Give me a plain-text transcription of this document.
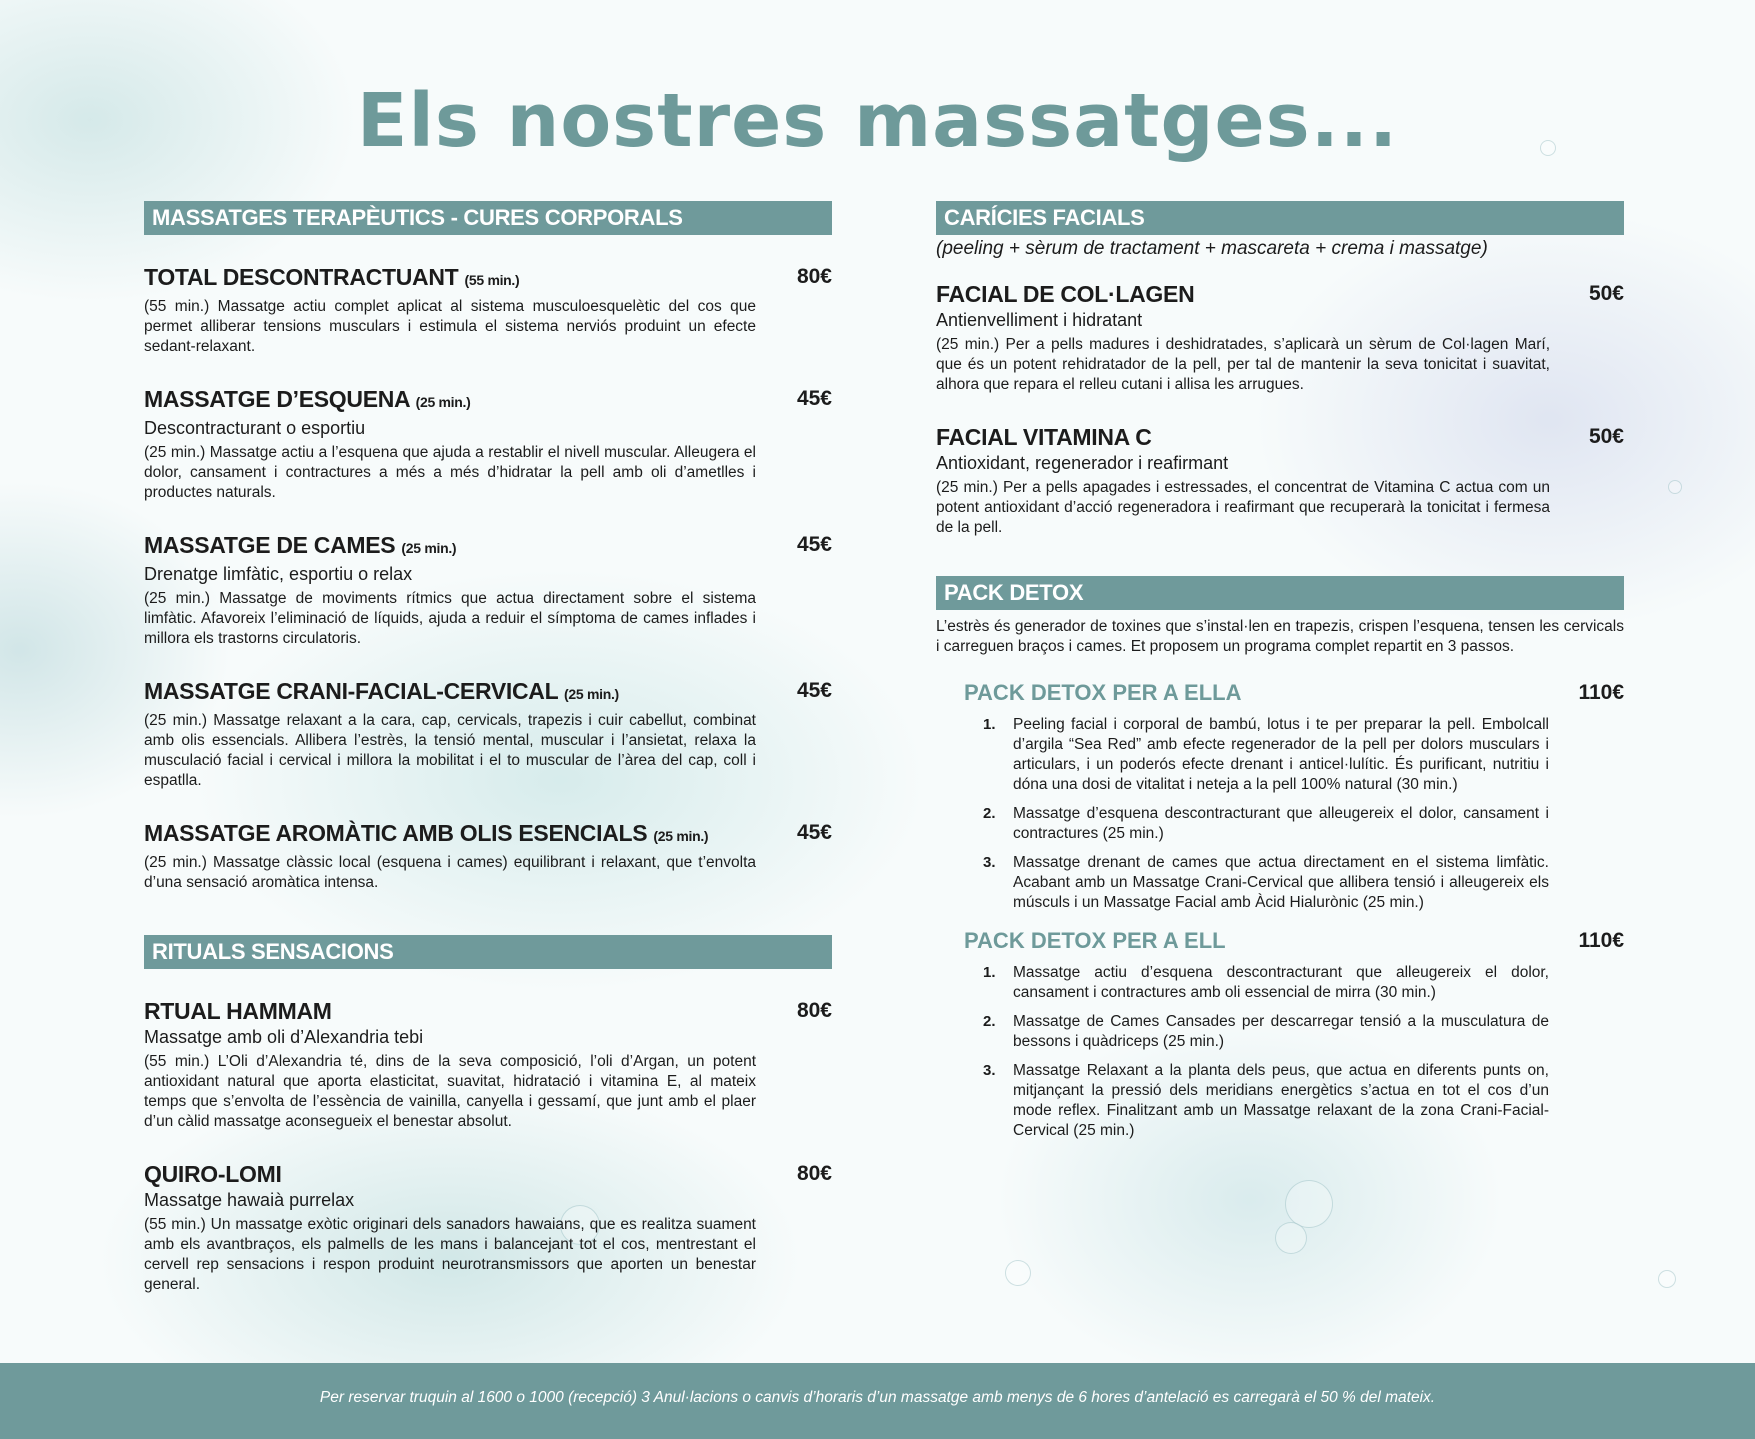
Els nostres massatges...
MASSATGES TERAPÈUTICS - CURES CORPORALS
TOTAL DESCONTRACTUANT (55 min.)	80€
(55 min.) Massatge actiu complet aplicat al sistema musculoesquelètic del cos que permet alliberar tensions musculars i estimula el sistema nerviós produint un efecte sedant-relaxant.
MASSATGE D’ESQUENA (25 min.)	45€
Descontracturant o esportiu
(25 min.) Massatge actiu a l’esquena que ajuda a restablir el nivell muscular. Alleugera el dolor, cansament i contractures a més a més d’hidratar la pell amb oli d’ametlles i productes naturals.
MASSATGE DE CAMES (25 min.)	45€
Drenatge limfàtic, esportiu o relax
(25 min.) Massatge de moviments rítmics que actua directament sobre el sistema limfàtic. Afavoreix l’eliminació de líquids, ajuda a reduir el símptoma de cames inflades i millora els trastorns circulatoris.
MASSATGE CRANI-FACIAL-CERVICAL (25 min.)	45€
(25 min.) Massatge relaxant a la cara, cap, cervicals, trapezis i cuir cabellut, combinat amb olis essencials. Allibera l’estrès, la tensió mental, muscular i l’ansietat, relaxa la musculació facial i cervical i millora la mobilitat i el to muscular de l’àrea del cap, coll i espatlla.
MASSATGE AROMÀTIC AMB OLIS ESENCIALS (25 min.)	45€
(25 min.) Massatge clàssic local (esquena i cames) equilibrant i relaxant, que t’envolta d’una sensació aromàtica intensa.
RITUALS SENSACIONS
RTUAL HAMMAM	80€
Massatge amb oli d’Alexandria tebi
(55 min.) L’Oli d’Alexandria té, dins de la seva composició, l’oli d’Argan, un potent antioxidant natural que aporta elasticitat, suavitat, hidratació i vitamina E, al mateix temps que s’envolta de l’essència de vainilla, canyella i gessamí, que junt amb el plaer d’un càlid massatge aconsegueix el benestar absolut.
QUIRO-LOMI	80€
Massatge hawaià purrelax
(55 min.) Un massatge exòtic originari dels sanadors hawaians, que es realitza suament amb els avantbraços, els palmells de les mans i balancejant tot el cos, mentrestant el cervell rep sensacions i respon produint neurotransmissors que aporten un benestar general.
CARÍCIES FACIALS
(peeling + sèrum de tractament + mascareta + crema i massatge)
FACIAL DE COL·LAGEN	50€
Antienvelliment i hidratant
(25 min.) Per a pells madures i deshidratades, s’aplicarà un sèrum de Col·lagen Marí, que és un potent rehidratador de la pell, per tal de mantenir la seva tonicitat i suavitat, alhora que repara el relleu cutani i allisa les arrugues.
FACIAL VITAMINA C	50€
Antioxidant, regenerador i reafirmant
(25 min.) Per a pells apagades i estressades, el concentrat de Vitamina C actua com un potent antioxidant d’acció regeneradora i reafirmant que recuperarà la tonicitat i fermesa de la pell.
PACK DETOX
L’estrès és generador de toxines que s’instal·len en trapezis, crispen l’esquena, tensen les cervicals i carreguen braços i cames. Et proposem un programa complet repartit en 3 passos.
PACK DETOX PER A ELLA	110€
1.	Peeling facial i corporal de bambú, lotus i te per preparar la pell. Embolcall d’argila “Sea Red” amb efecte regenerador de la pell per dolors musculars i articulars, i un poderós efecte drenant i anticel·lulític. És purificant, nutritiu i dóna una dosi de vitalitat i neteja a la pell 100% natural (30 min.)
2.	Massatge d’esquena descontracturant que alleugereix el dolor, cansament i contractures (25 min.)
3.	Massatge drenant de cames que actua directament en el sistema limfàtic. Acabant amb un Massatge Crani-Cervical que allibera tensió i alleugereix els músculs i un Massatge Facial amb Àcid Hialurònic (25 min.)
PACK DETOX PER A ELL	110€
1.	Massatge actiu d’esquena descontracturant que alleugereix el dolor, cansament i contractures amb oli essencial de mirra (30 min.)
2.	Massatge de Cames Cansades per descarregar tensió a la musculatura de bessons i quàdriceps (25 min.)
3.	Massatge Relaxant a la planta dels peus, que actua en diferents punts on, mitjançant la pressió dels meridians energètics s’actua en tot el cos d’un mode reflex. Finalitzant amb un Massatge relaxant de la zona Crani-Facial-Cervical (25 min.)
Per reservar truquin al 1600 o 1000 (recepció) 3 Anul·lacions o canvis d’horaris d’un massatge amb menys de 6 hores d’antelació es carregarà el 50 % del mateix.
